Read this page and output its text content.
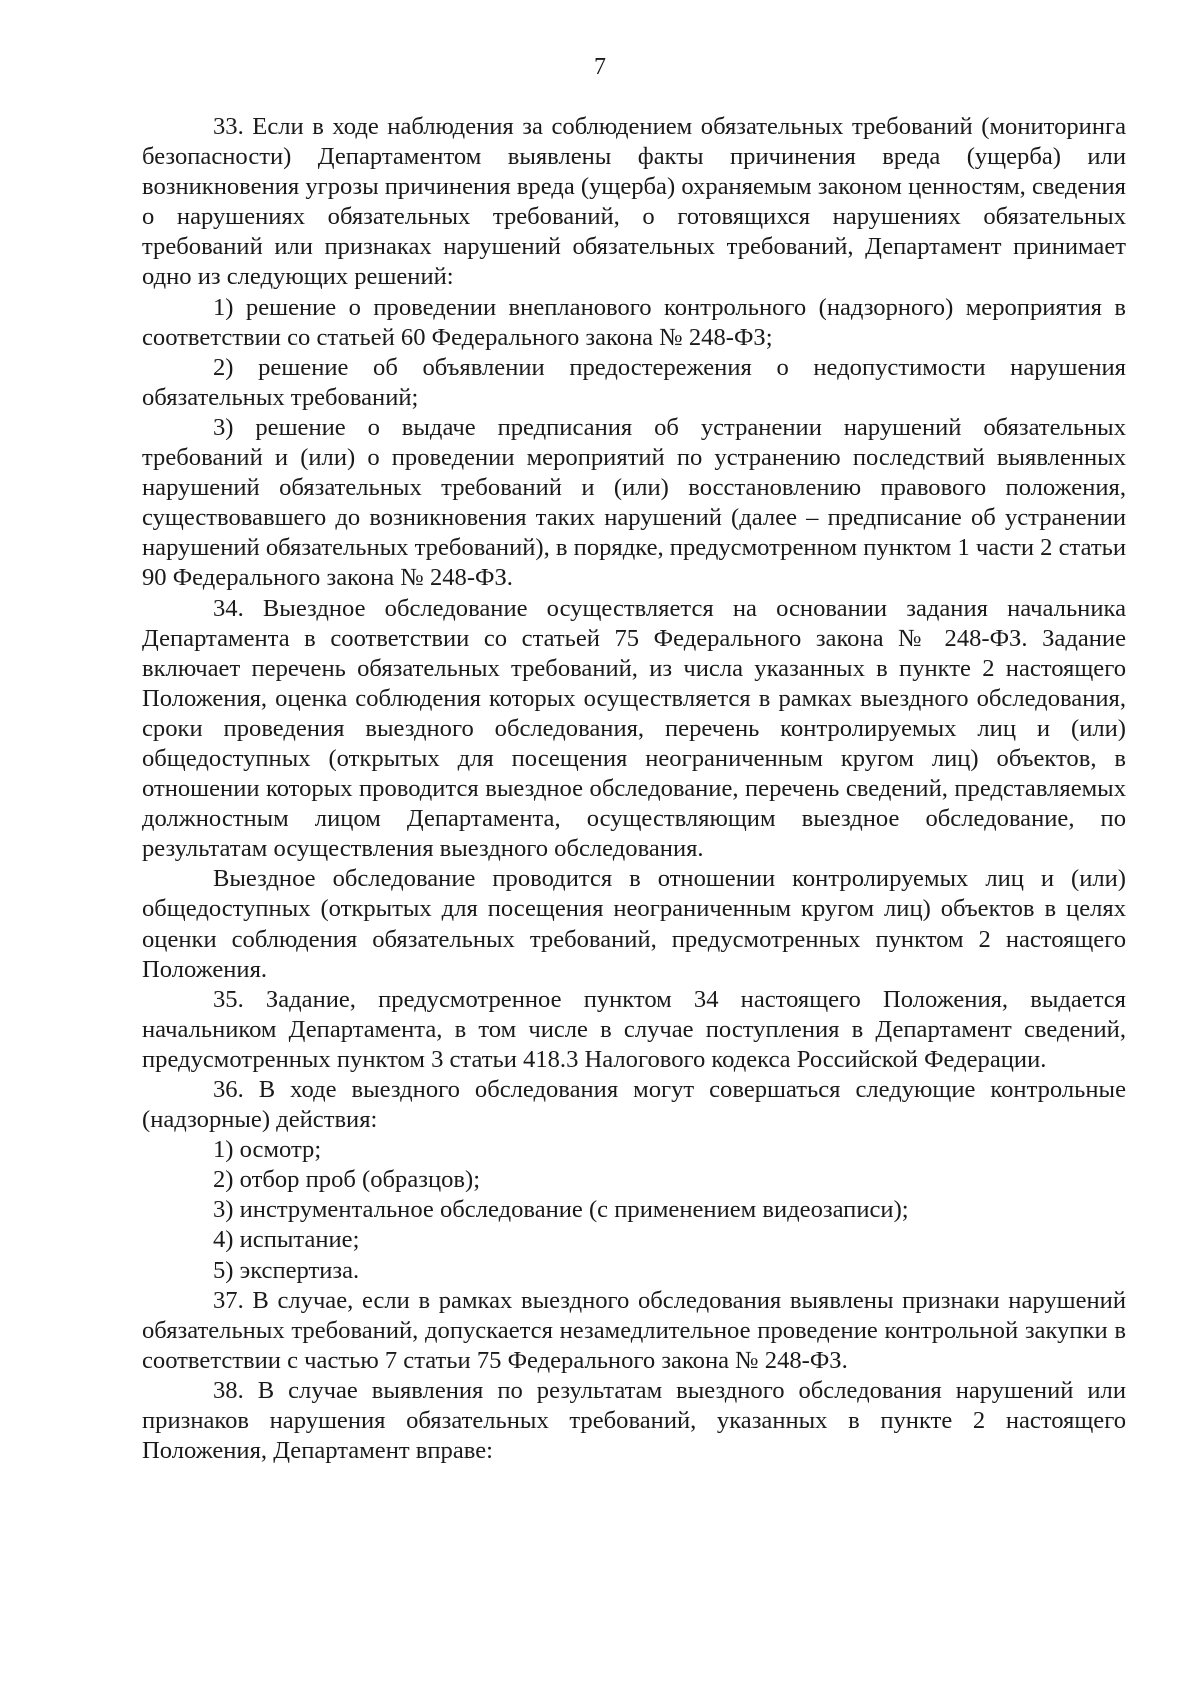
7

33. Если в ходе наблюдения за соблюдением обязательных требований (мониторинга безопасности) Департаментом выявлены факты причинения вреда (ущерба) или возникновения угрозы причинения вреда (ущерба) охраняемым законом ценностям, сведения о нарушениях обязательных требований, о готовящихся нарушениях обязательных требований или признаках нарушений обязательных требований, Департамент принимает одно из следующих решений:

1) решение о проведении внепланового контрольного (надзорного) мероприятия в соответствии со статьей 60 Федерального закона № 248-ФЗ;

2) решение об объявлении предостережения о недопустимости нарушения обязательных требований;

3) решение о выдаче предписания об устранении нарушений обязательных требований и (или) о проведении мероприятий по устранению последствий выявленных нарушений обязательных требований и (или) восстановлению правового положения, существовавшего до возникновения таких нарушений (далее – предписание об устранении нарушений обязательных требований), в порядке, предусмотренном пунктом 1 части 2 статьи 90 Федерального закона № 248-ФЗ.

34. Выездное обследование осуществляется на основании задания начальника Департамента в соответствии со статьей 75 Федерального закона № 248-ФЗ. Задание включает перечень обязательных требований, из числа указанных в пункте 2 настоящего Положения, оценка соблюдения которых осуществляется в рамках выездного обследования, сроки проведения выездного обследования, перечень контролируемых лиц и (или) общедоступных (открытых для посещения неограниченным кругом лиц) объектов, в отношении которых проводится выездное обследование, перечень сведений, представляемых должностным лицом Департамента, осуществляющим выездное обследование, по результатам осуществления выездного обследования.

Выездное обследование проводится в отношении контролируемых лиц и (или) общедоступных (открытых для посещения неограниченным кругом лиц) объектов в целях оценки соблюдения обязательных требований, предусмотренных пунктом 2 настоящего Положения.

35. Задание, предусмотренное пунктом 34 настоящего Положения, выдается начальником Департамента, в том числе в случае поступления в Департамент сведений, предусмотренных пунктом 3 статьи 418.3 Налогового кодекса Российской Федерации.

36. В ходе выездного обследования могут совершаться следующие контрольные (надзорные) действия:

1) осмотр;

2) отбор проб (образцов);

3) инструментальное обследование (с применением видеозаписи);

4) испытание;

5) экспертиза.

37. В случае, если в рамках выездного обследования выявлены признаки нарушений обязательных требований, допускается незамедлительное проведение контрольной закупки в соответствии с частью 7 статьи 75 Федерального закона № 248-ФЗ.

38. В случае выявления по результатам выездного обследования нарушений или признаков нарушения обязательных требований, указанных в пункте 2 настоящего Положения, Департамент вправе:
